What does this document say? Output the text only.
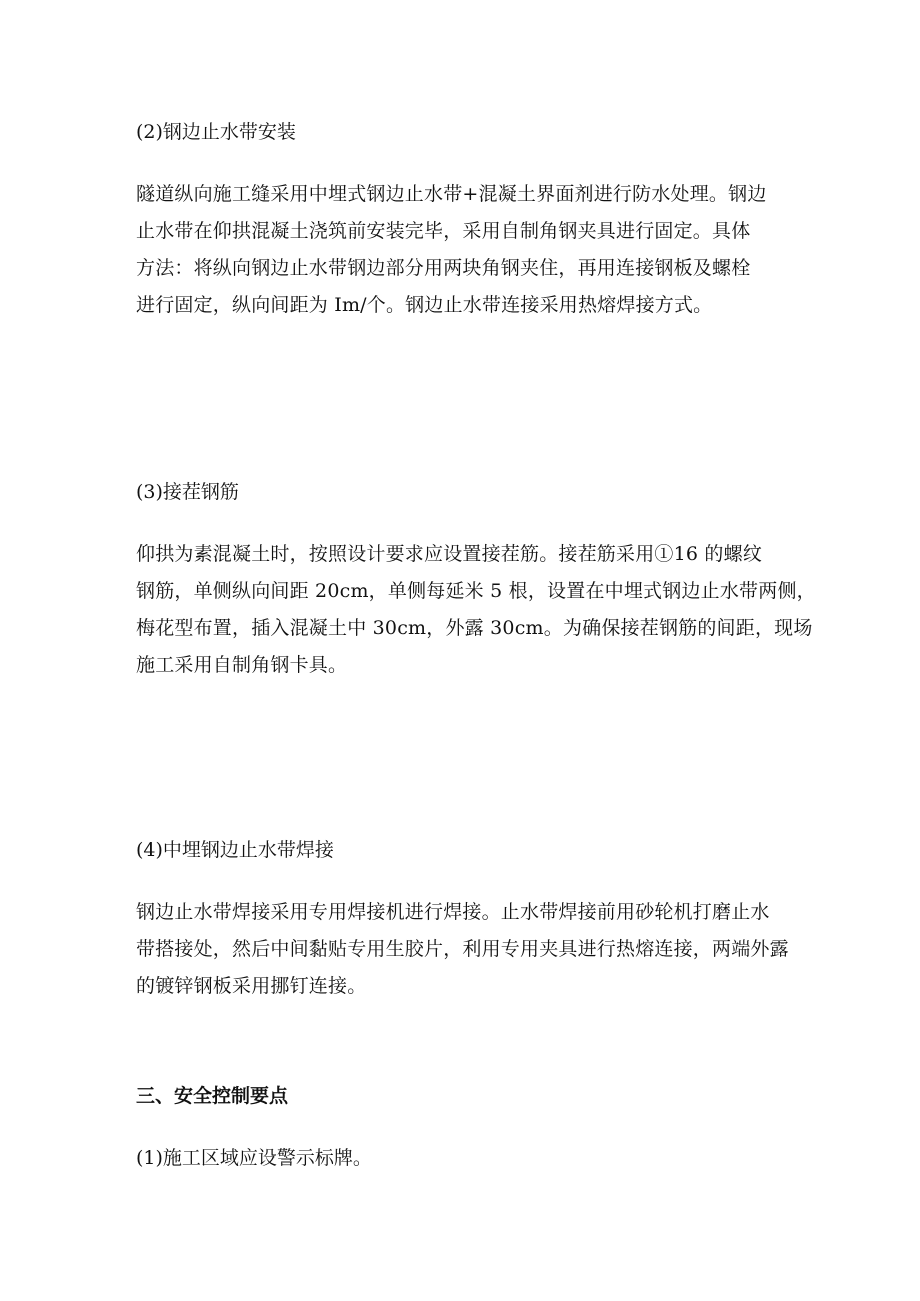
(2)钢边止水带安装

隧道纵向施工缝采用中埋式钢边止水带+混凝土界面剂进行防水处理。钢边

止水带在仰拱混凝土浇筑前安装完毕，采用自制角钢夹具进行固定。具体

方法：将纵向钢边止水带钢边部分用两块角钢夹住，再用连接钢板及螺栓

进行固定，纵向间距为 Im/个。钢边止水带连接采用热熔焊接方式。

(3)接茬钢筋

仰拱为素混凝土时，按照设计要求应设置接茬筋。接茬筋采用①16 的螺纹

钢筋，单侧纵向间距 20cm，单侧每延米 5 根，设置在中埋式钢边止水带两侧，

梅花型布置，插入混凝土中 30cm，外露 30cm。为确保接茬钢筋的间距，现场

施工采用自制角钢卡具。

(4)中埋钢边止水带焊接

钢边止水带焊接采用专用焊接机进行焊接。止水带焊接前用砂轮机打磨止水

带搭接处，然后中间黏贴专用生胶片，利用专用夹具进行热熔连接，两端外露

的镀锌钢板采用挪钉连接。

三、安全控制要点
(1)施工区域应设警示标牌。
